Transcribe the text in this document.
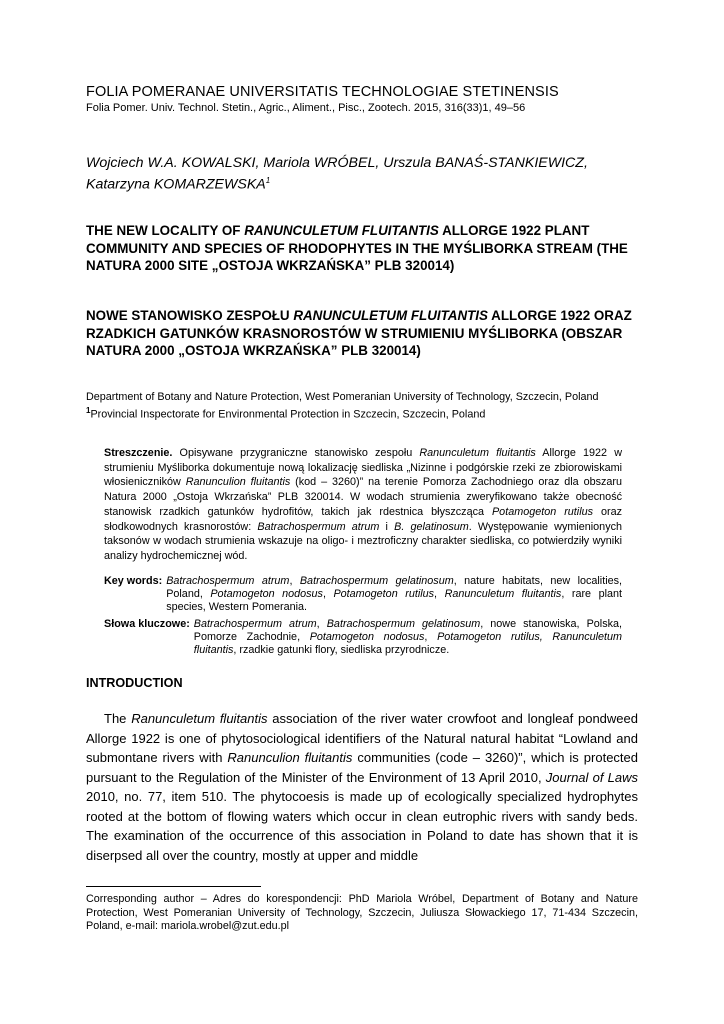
FOLIA POMERANAE UNIVERSITATIS TECHNOLOGIAE STETINENSIS
Folia Pomer. Univ. Technol. Stetin., Agric., Aliment., Pisc., Zootech. 2015, 316(33)1, 49–56
Wojciech W.A. KOWALSKI, Mariola WRÓBEL, Urszula BANAŚ-STANKIEWICZ,
Katarzyna KOMARZEWSKA$^1$
THE NEW LOCALITY OF RANUNCULETUM FLUITANTIS ALLORGE 1922 PLANT COMMUNITY AND SPECIES OF RHODOPHYTES IN THE MYŚLIBORKA STREAM (THE NATURA 2000 SITE „OSTOJA WKRZAŃSKA” PLB 320014)
NOWE STANOWISKO ZESPOŁU RANUNCULETUM FLUITANTIS ALLORGE 1922 ORAZ RZADKICH GATUNKÓW KRASNOROSTÓW W STRUMIENIU MYŚLIBORKA (OBSZAR NATURA 2000 „OSTOJA WKRZAŃSKA” PLB 320014)
Department of Botany and Nature Protection, West Pomeranian University of Technology, Szczecin, Poland
$^1$Provincial Inspectorate for Environmental Protection in Szczecin, Szczecin, Poland
Streszczenie. Opisywane przygraniczne stanowisko zespołu Ranunculetum fluitantis Allorge 1922 w strumieniu Myśliborka dokumentuje nową lokalizację siedliska „Nizinne i podgórskie rzeki ze zbiorowiskami włosieniczników Ranunculion fluitantis (kod – 3260)” na terenie Pomorza Zachodniego oraz dla obszaru Natura 2000 „Ostoja Wkrzańska” PLB 320014. W wodach strumienia zweryfikowano także obecność stanowisk rzadkich gatunków hydrofitów, takich jak rdestnica błyszcząca Potamogeton rutilus oraz słodkowodnych krasnorostów: Batrachospermum atrum i B. gelatinosum. Występowanie wymienionych taksonów w wodach strumienia wskazuje na oligo- i meztroficzny charakter siedliska, co potwierdziły wyniki analizy hydrochemicznej wód.
Key words: Batrachospermum atrum, Batrachospermum gelatinosum, nature habitats, new localities, Poland, Potamogeton nodosus, Potamogeton rutilus, Ranunculetum fluitantis, rare plant species, Western Pomerania.
Słowa kluczowe: Batrachospermum atrum, Batrachospermum gelatinosum, nowe stanowiska, Polska, Pomorze Zachodnie, Potamogeton nodosus, Potamogeton rutilus, Ranunculetum fluitantis, rzadkie gatunki flory, siedliska przyrodnicze.
INTRODUCTION
The Ranunculetum fluitantis association of the river water crowfoot and longleaf pondweed Allorge 1922 is one of phytosociological identifiers of the Natural natural habitat “Lowland and submontane rivers with Ranunculion fluitantis communities (code – 3260)”, which is protected pursuant to the Regulation of the Minister of the Environment of 13 April 2010, Journal of Laws 2010, no. 77, item 510. The phytocoesis is made up of ecologically specialized hydrophytes rooted at the bottom of flowing waters which occur in clean eutrophic rivers with sandy beds. The examination of the occurrence of this association in Poland to date has shown that it is diserpsed all over the country, mostly at upper and middle
Corresponding author – Adres do korespondencji: PhD Mariola Wróbel, Department of Botany and Nature Protection, West Pomeranian University of Technology, Szczecin, Juliusza Słowackiego 17, 71-434 Szczecin, Poland, e-mail: mariola.wrobel@zut.edu.pl
